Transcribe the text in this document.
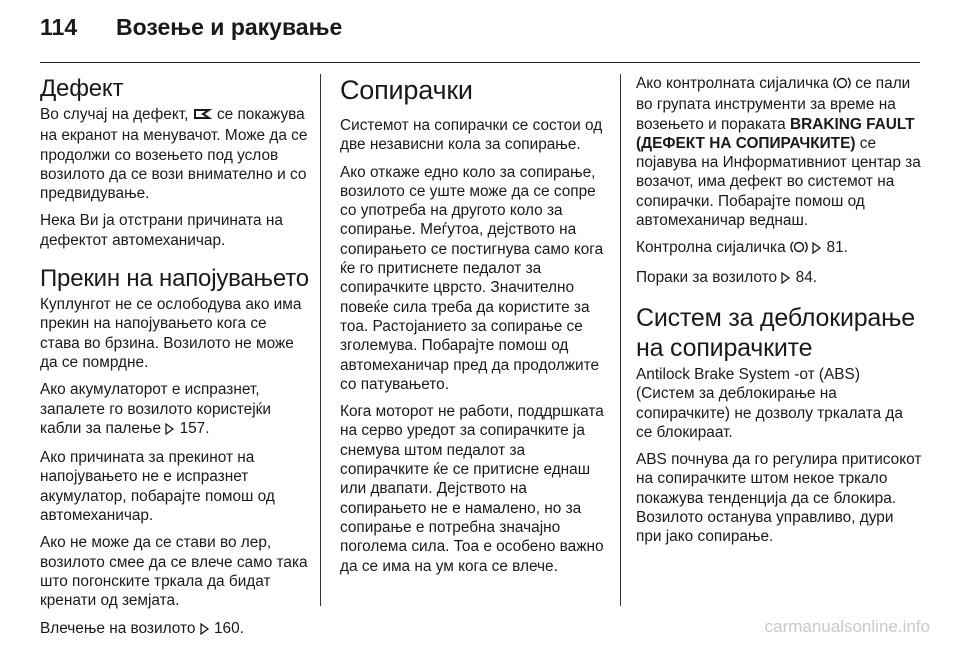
114	Возење и ракување
Дефект

Во случај на дефект, се покажува на екранот на менувачот. Може да се продолжи со возењето под услов возилото да се вози внимателно и со предвидување.

Нека Ви ја отстрани причината на дефектот автомеханичар.

Прекин на напојувањето

Куплунгот не се ослободува ако има прекин на напојувањето кога се става во брзина. Возилото не може да се помрдне.

Ако акумулаторот е испразнет, запалете го возилото користејќи кабли за палење 157.

Ако причината за прекинот на напојувањето не е испразнет акумулатор, побарајте помош од автомеханичар.

Ако не може да се стави во лер, возилото смее да се влече само така што погонските тркала да бидат кренати од земјата.

Влечење на возилото 160.

Сопирачки

Системот на сопирачки се состои од две независни кола за сопирање.

Ако откаже едно коло за сопирање, возилото се уште може да се сопре со употреба на другото коло за сопирање. Меѓутоа, дејството на сопирањето се постигнува само кога ќе го притиснете педалот за сопирачките цврсто. Значително повеќе сила треба да користите за тоа. Растојанието за сопирање се зголемува. Побарајте помош од автомеханичар пред да продолжите со патувањето.

Кога моторот не работи, поддршката на серво уредот за сопирачките ја снемува штом педалот за сопирачките ќе се притисне еднаш или двапати. Дејството на сопирањето не е намалено, но за сопирање е потребна значајно поголема сила. Тоа е особено важно да се има на ум кога се влече.

Ако контролната сијаличка се пали во групата инструменти за време на возењето и пораката BRAKING FAULT (ДЕФЕКТ НА СОПИРАЧКИТЕ) се појавува на Информативниот центар за возачот, има дефект во системот на сопирачки. Побарајте помош од автомеханичар веднаш.

Контролна сијаличка	81.

Пораки за возилото 84.

Систем за деблокирање на сопирачките

Antilock Brake System -от (ABS) (Систем за деблокирање на сопирачките) не дозволу тркалата да се блокираат.

ABS почнува да го регулира притисокот на сопирачките штом некое тркало покажува тенденција да се блокира. Возилото останува управливо, дури при јако сопирање.

carmanualsonline.info
